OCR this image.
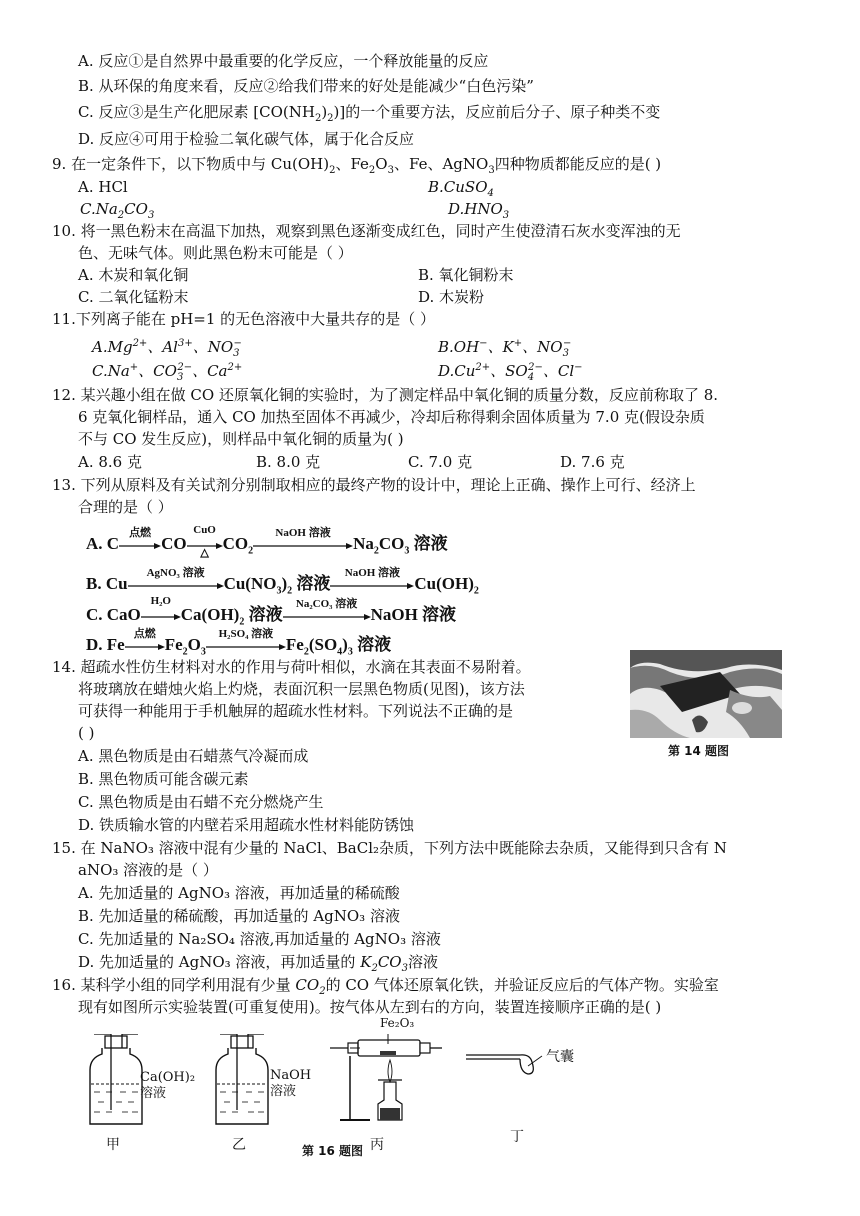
A. 反应①是自然界中最重要的化学反应，一个释放能量的反应
B. 从环保的角度来看，反应②给我们带来的好处是能减少“白色污染”
C. 反应③是生产化肥尿素 $[CO(NH_2)_2)$]的一个重要方法，反应前后分子、原子种类不变
D. 反应④可用于检验二氧化碳气体，属于化合反应
9. 在一定条件下，以下物质中与 $Cu(OH)_2$、$Fe_2O_3$、Fe、AgNO$_3$四种物质都能反应的是( )
A. HCl	B.CuSO$_4$
$C.Na_2CO_3$	$D.HNO_3$
10. 将一黑色粉末在高温下加热，观察到黑色逐渐变成红色，同时产生使澄清石灰水变浑浊的无
色、无味气体。则此黑色粉末可能是（ ）
A. 木炭和氧化铜	B. 氧化铜粉末
C. 二氧化锰粉末	D. 木炭粉
11.下列离子能在 pH=1 的无色溶液中大量共存的是（ ）
$A.Mg^{2+}$、$Al^{3+}$、$NO_3^-$	B.OH−、K+、$NO_3^-$
C.Na+、$CO_3^{2-}$、$Ca^{2+}$	$D.Cu^{2+}$、$SO_4^{2-}$、Cl−
12. 某兴趣小组在做 CO 还原氧化铜的实验时，为了测定样品中氧化铜的质量分数，反应前称取了 8.
6 克氧化铜样品，通入 CO 加热至固体不再减少，冷却后称得剩余固体质量为 7.0 克(假设杂质
不与 CO 发生反应)，则样品中氧化铜的质量为( )
A. 8.6 克	B. 8.0 克	C. 7.0 克	D. 7.6 克
13. 下列从原料及有关试剂分别制取相应的最终产物的设计中，理论上正确、操作上可行、经济上
合理的是（ ）
A. C
点燃
CO
CuO
△
$CO_2$
NaOH 溶液
$Na_2CO_3$ 溶液
B. Cu
AgNO₃ 溶液
$Cu(NO_3)_2$ 溶液
NaOH 溶液
$Cu(OH)_2$
C. CaO
H₂O
$Ca(OH)_2$ 溶液
Na₂CO₃ 溶液
NaOH 溶液
D. Fe
点燃
$Fe_2O_3$
H₂SO₄ 溶液
$Fe_2(SO_4)_3$ 溶液
14. 超疏水性仿生材料对水的作用与荷叶相似，水滴在其表面不易附着。
将玻璃放在蜡烛火焰上灼烧，表面沉积一层黑色物质(见图)，该方法
可获得一种能用于手机触屏的超疏水性材料。下列说法不正确的是
( )
A. 黑色物质是由石蜡蒸气冷凝而成
B. 黑色物质可能含碳元素
C. 黑色物质是由石蜡不充分燃烧产生
D. 铁质输水管的内壁若采用超疏水性材料能防锈蚀
第 14 题图
15. 在 NaNO₃ 溶液中混有少量的 NaCl、BaCl₂杂质，下列方法中既能除去杂质，又能得到只含有 N
aNO₃ 溶液的是（ ）
A. 先加适量的 AgNO₃ 溶液，再加适量的稀硫酸
B. 先加适量的稀硫酸，再加适量的 AgNO₃ 溶液
C. 先加适量的 Na₂SO₄ 溶液,再加适量的 AgNO₃ 溶液
D. 先加适量的 AgNO₃ 溶液，再加适量的 $K_2CO_3$溶液
16. 某科学小组的同学利用混有少量 $CO_2$的 CO 气体还原氧化铁，并验证反应后的气体产物。实验室
现有如图所示实验装置(可重复使用)。按气体从左到右的方向，装置连接顺序正确的是( )
Ca(OH)₂
溶液
甲
NaOH
溶液
乙
Fe₂O₃
丙
气囊
丁
第 16 题图
